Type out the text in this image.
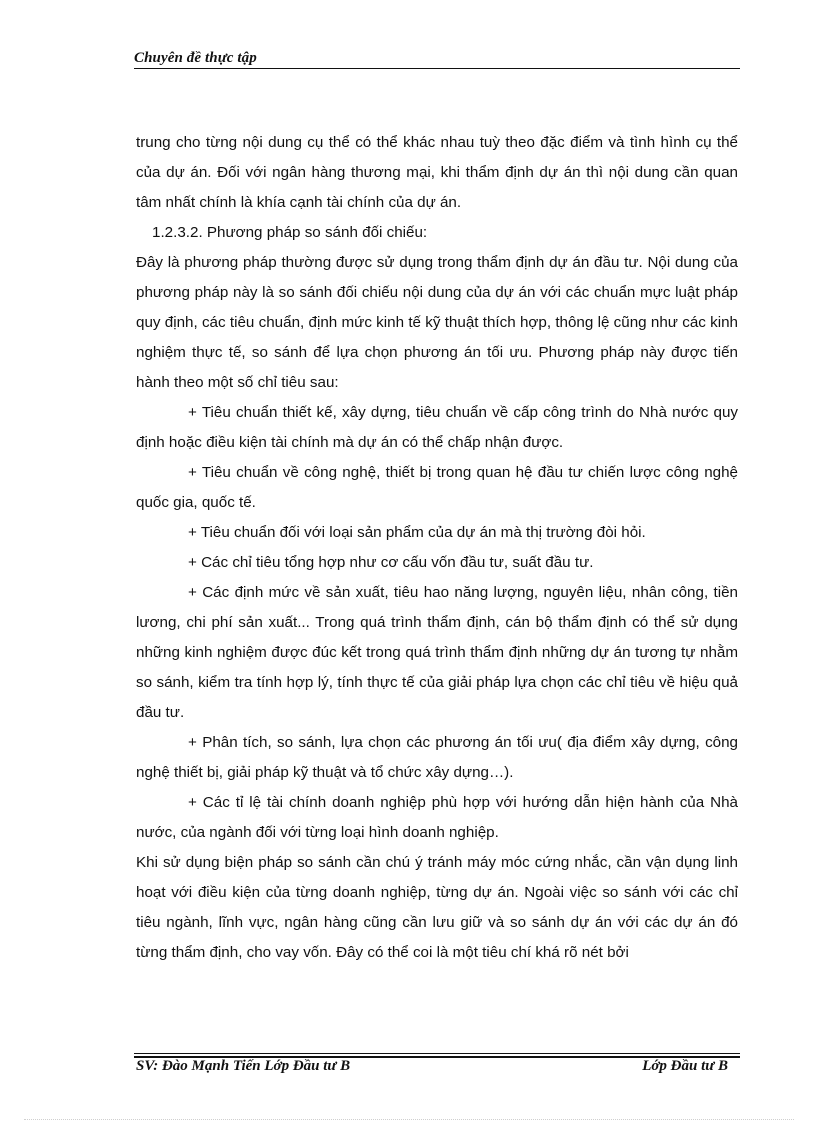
Chuyên đề thực tập

trung cho từng nội dung cụ thể có thể khác nhau tuỳ theo đặc điểm và tình hình cụ thể của dự án. Đối với ngân hàng thương mại, khi thẩm định dự án thì nội dung cần quan tâm nhất chính là khía cạnh tài chính của dự án.

1.2.3.2. Phương pháp so sánh đối chiếu:

Đây là phương pháp thường được sử dụng trong thẩm định dự án đầu tư. Nội dung của phương pháp này là so sánh đối chiếu nội dung của dự án với các chuẩn mực luật pháp quy định, các tiêu chuẩn, định mức kinh tế kỹ thuật thích hợp, thông lệ cũng như các kinh nghiệm thực tế, so sánh để lựa chọn phương án tối ưu. Phương pháp này được tiến hành theo một số chỉ tiêu sau:

+ Tiêu chuẩn thiết kế, xây dựng, tiêu chuẩn về cấp công trình do Nhà nước quy định hoặc điều kiện tài chính mà dự án có thể chấp nhận được.

+ Tiêu chuẩn về công nghệ, thiết bị trong quan hệ đầu tư chiến lược công nghệ quốc gia, quốc tế.

+ Tiêu chuẩn đối với loại sản phẩm của dự án mà thị trường đòi hỏi.

+ Các chỉ tiêu tổng hợp như cơ cấu vốn đầu tư, suất đầu tư.

+ Các định mức về sản xuất, tiêu hao năng lượng, nguyên liệu, nhân công, tiền lương, chi phí sản xuất... Trong quá trình thẩm định, cán bộ thẩm định có thể sử dụng những kinh nghiệm được đúc kết trong quá trình thẩm định những dự án tương tự nhằm so sánh, kiểm tra tính hợp lý, tính thực tế của giải pháp lựa chọn các chỉ tiêu về hiệu quả đầu tư.

+ Phân tích, so sánh, lựa chọn các phương án tối ưu( địa điểm xây dựng, công nghệ thiết bị, giải pháp kỹ thuật và tổ chức xây dựng…).

+ Các tỉ lệ tài chính doanh nghiệp phù hợp với hướng dẫn hiện hành của Nhà nước, của ngành đối với từng loại hình doanh nghiệp.

Khi sử dụng biện pháp so sánh cần chú ý tránh máy móc cứng nhắc, cần vận dụng linh hoạt với điều kiện của từng doanh nghiệp, từng dự án. Ngoài việc so sánh với các chỉ tiêu ngành, lĩnh vực, ngân hàng cũng cần lưu giữ và so sánh dự án với các dự án đó từng thẩm định, cho vay vốn. Đây có thể coi là một tiêu chí khá rõ nét bởi

SV: Đào Mạnh Tiến Lớp Đầu tư B	Lớp Đầu tư B
